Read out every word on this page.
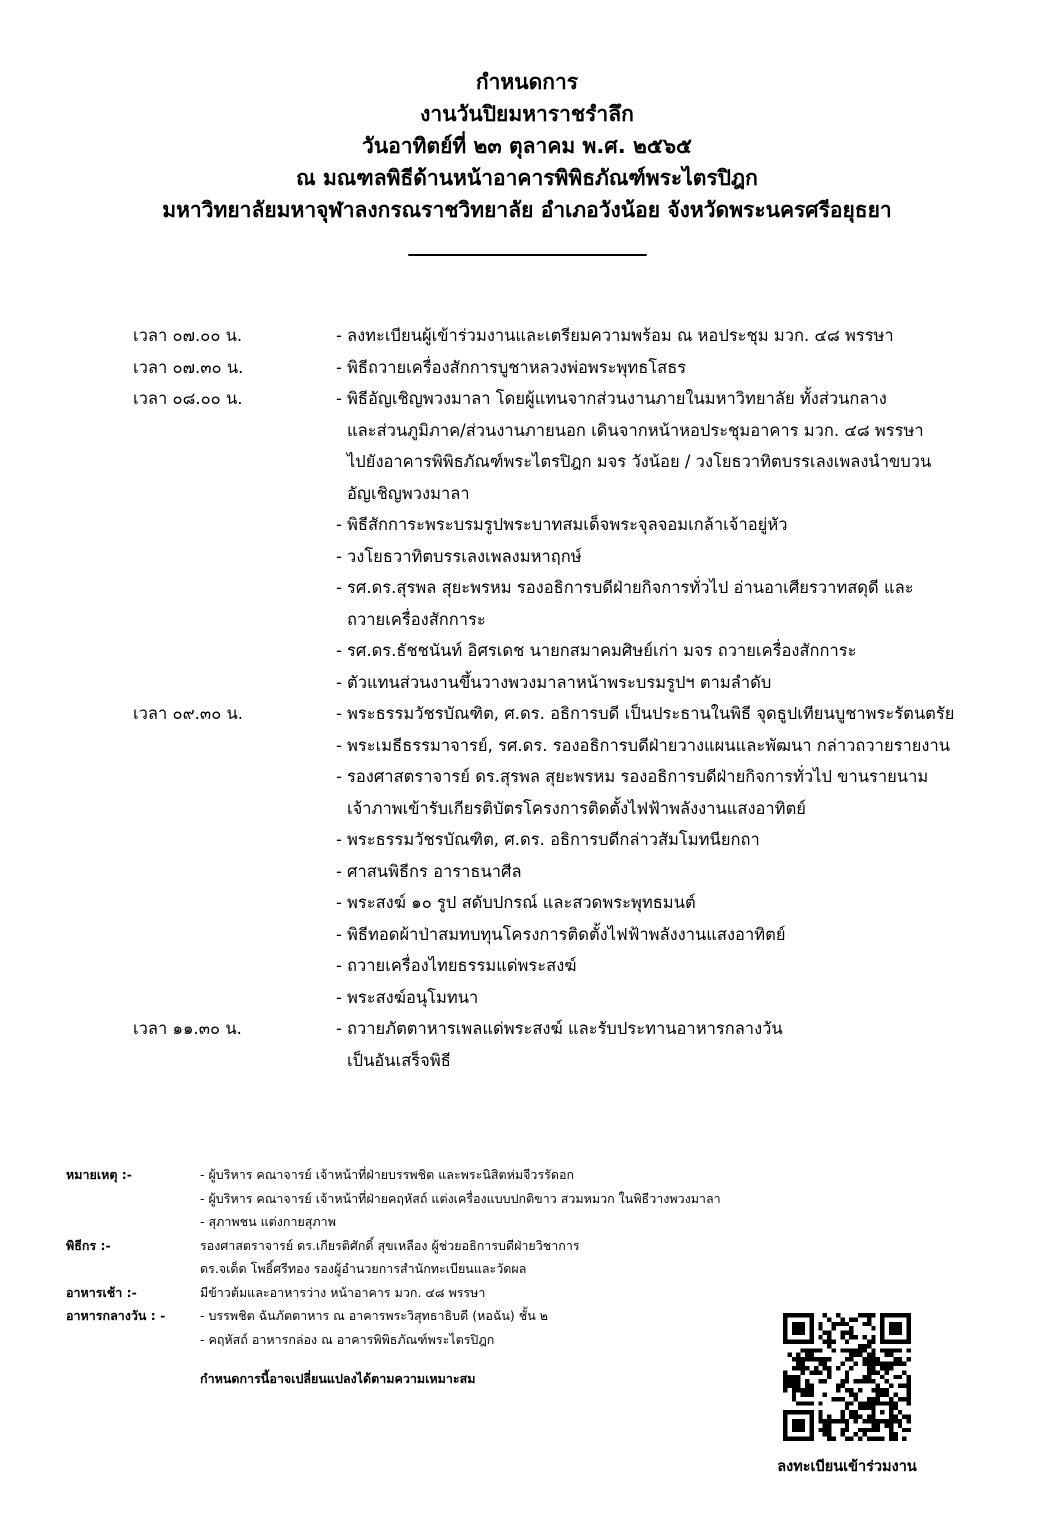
กำหนดการ
งานวันปิยมหาราชรำลึก
วันอาทิตย์ที่ ๒๓ ตุลาคม พ.ศ. ๒๕๖๕
ณ มณฑลพิธีด้านหน้าอาคารพิพิธภัณฑ์พระไตรปิฎก
มหาวิทยาลัยมหาจุฬาลงกรณราชวิทยาลัย อำเภอวังน้อย จังหวัดพระนครศรีอยุธยา
_________________________
เวลา ๐๗.๐๐ น.	- ลงทะเบียนผู้เข้าร่วมงานและเตรียมความพร้อม ณ หอประชุม มวก. ๔๘ พรรษา
เวลา ๐๗.๓๐ น.	- พิธีถวายเครื่องสักการบูชาหลวงพ่อพระพุทธโสธร
เวลา ๐๘.๐๐ น.	- พิธีอัญเชิญพวงมาลา โดยผู้แทนจากส่วนงานภายในมหาวิทยาลัย ทั้งส่วนกลาง
และส่วนภูมิภาค/ส่วนงานภายนอก เดินจากหน้าหอประชุมอาคาร มวก. ๔๘ พรรษา
ไปยังอาคารพิพิธภัณฑ์พระไตรปิฎก มจร วังน้อย / วงโยธวาทิตบรรเลงเพลงนำขบวน
อัญเชิญพวงมาลา
- พิธีสักการะพระบรมรูปพระบาทสมเด็จพระจุลจอมเกล้าเจ้าอยู่หัว
- วงโยธวาทิตบรรเลงเพลงมหาฤกษ์
- รศ.ดร.สุรพล สุยะพรหม รองอธิการบดีฝ่ายกิจการทั่วไป อ่านอาเศียรวาทสดุดี และ
ถวายเครื่องสักการะ
- รศ.ดร.ธัชชนันท์ อิศรเดช นายกสมาคมศิษย์เก่า มจร ถวายเครื่องสักการะ
- ตัวแทนส่วนงานขึ้นวางพวงมาลาหน้าพระบรมรูปฯ ตามลำดับ
เวลา ๐๙.๓๐ น.	- พระธรรมวัชรบัณฑิต, ศ.ดร. อธิการบดี เป็นประธานในพิธี จุดธูปเทียนบูชาพระรัตนตรัย
- พระเมธีธรรมาจารย์, รศ.ดร. รองอธิการบดีฝ่ายวางแผนและพัฒนา กล่าวถวายรายงาน
- รองศาสตราจารย์ ดร.สุรพล สุยะพรหม รองอธิการบดีฝ่ายกิจการทั่วไป ขานรายนาม
เจ้าภาพเข้ารับเกียรติบัตรโครงการติดตั้งไฟฟ้าพลังงานแสงอาทิตย์
- พระธรรมวัชรบัณฑิต, ศ.ดร. อธิการบดีกล่าวสัมโมทนียกถา
- ศาสนพิธีกร อาราธนาศีล
- พระสงฆ์ ๑๐ รูป สดับปกรณ์ และสวดพระพุทธมนต์
- พิธีทอดผ้าป่าสมทบทุนโครงการติดตั้งไฟฟ้าพลังงานแสงอาทิตย์
- ถวายเครื่องไทยธรรมแด่พระสงฆ์
- พระสงฆ์อนุโมทนา
เวลา ๑๑.๓๐ น.	- ถวายภัตตาหารเพลแด่พระสงฆ์ และรับประทานอาหารกลางวัน
เป็นอันเสร็จพิธี
หมายเหตุ :-	- ผู้บริหาร คณาจารย์ เจ้าหน้าที่ฝ่ายบรรพชิต และพระนิสิตห่มจีวรรัดอก
- ผู้บริหาร คณาจารย์ เจ้าหน้าที่ฝ่ายคฤหัสถ์ แต่งเครื่องแบบปกติขาว สวมหมวก ในพิธีวางพวงมาลา
- สุภาพชน แต่งกายสุภาพ
พิธีกร :-	รองศาสตราจารย์ ดร.เกียรติศักดิ์ สุขเหลือง ผู้ช่วยอธิการบดีฝ่ายวิชาการ
ดร.จเด็ด โพธิ์ศรีทอง รองผู้อำนวยการสำนักทะเบียนและวัดผล
อาหารเช้า :-	มีข้าวต้มและอาหารว่าง หน้าอาคาร มวก. ๔๘ พรรษา
อาหารกลางวัน : -	- บรรพชิต ฉันภัตตาหาร ณ อาคารพระวิสุทธาธิบดี (หอฉัน) ชั้น ๒
- คฤหัสถ์ อาหารกล่อง ณ อาคารพิพิธภัณฑ์พระไตรปิฎก
กำหนดการนี้อาจเปลี่ยนแปลงได้ตามความเหมาะสม
ลงทะเบียนเข้าร่วมงาน
